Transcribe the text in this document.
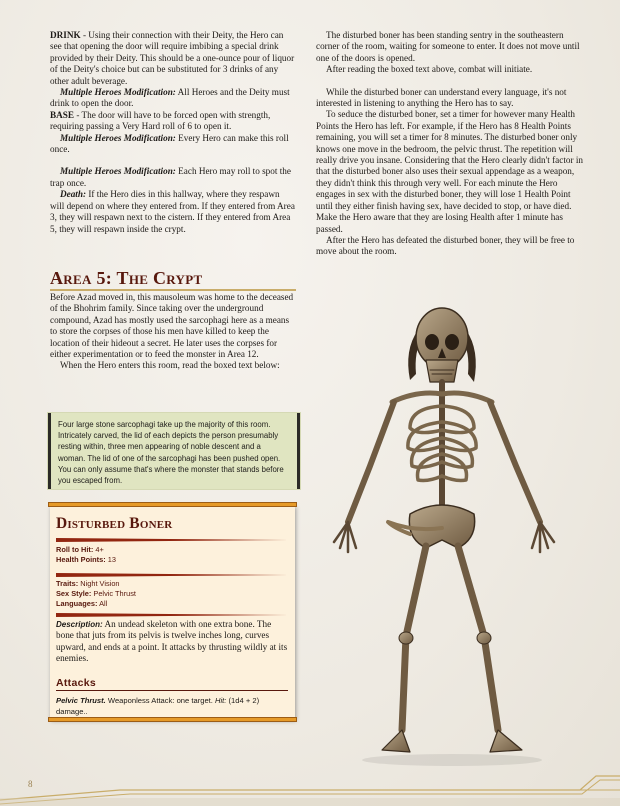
DRINK - Using their connection with their Deity, the Hero can see that opening the door will require imbibing a special drink provided by their Deity. This should be a one-ounce pour of liquor of the Deity's choice but can be substituted for 3 drinks of any other adult beverage.

Multiple Heroes Modification: All Heroes and the Deity must drink to open the door.

BASE - The door will have to be forced open with strength, requiring passing a Very Hard roll of 6 to open it.

Multiple Heroes Modification: Every Hero can make this roll once.

Multiple Heroes Modification: Each Hero may roll to spot the trap once.

Death: If the Hero dies in this hallway, where they respawn will depend on where they entered from. If they entered from Area 3, they will respawn next to the cistern. If they entered from Area 5, they will respawn inside the crypt.

Area 5: The Crypt

Before Azad moved in, this mausoleum was home to the deceased of the Bhohrim family. Since taking over the underground compound, Azad has mostly used the sarcophagi here as a means to store the corpses of those his men have killed to keep the location of their hideout a secret. He later uses the corpses for either experimentation or to feed the monster in Area 12.

When the Hero enters this room, read the boxed text below:

Four large stone sarcophagi take up the majority of this room. Intricately carved, the lid of each depicts the person presumably resting within, three men appearing of noble descent and a woman. The lid of one of the sarcophagi has been pushed open. You can only assume that's where the monster that stands before you escaped from.

Disturbed Boner
Roll to Hit: 4+
Health Points: 13
Traits: Night Vision
Sex Style: Pelvic Thrust
Languages: All
Description: An undead skeleton with one extra bone. The bone that juts from its pelvis is twelve inches long, curves upward, and ends at a point. It attacks by thrusting wildly at its enemies.
Attacks
Pelvic Thrust. Weaponless Attack: one target. Hit: (1d4 + 2) damage..

The disturbed boner has been standing sentry in the southeastern corner of the room, waiting for someone to enter. It does not move until one of the doors is opened.

After reading the boxed text above, combat will initiate.

While the disturbed boner can understand every language, it's not interested in listening to anything the Hero has to say.

To seduce the disturbed boner, set a timer for however many Health Points the Hero has left. For example, if the Hero has 8 Health Points remaining, you will set a timer for 8 minutes. The disturbed boner only knows one move in the bedroom, the pelvic thrust. The repetition will really drive you insane. Considering that the Hero clearly didn't factor in that the disturbed boner also uses their sexual appendage as a weapon, they didn't think this through very well. For each minute the Hero engages in sex with the disturbed boner, they will lose 1 Health Point until they either finish having sex, have decided to stop, or have died. Make the Hero aware that they are losing Health after 1 minute has passed.

After the Hero has defeated the disturbed boner, they will be free to move about the room.

8
